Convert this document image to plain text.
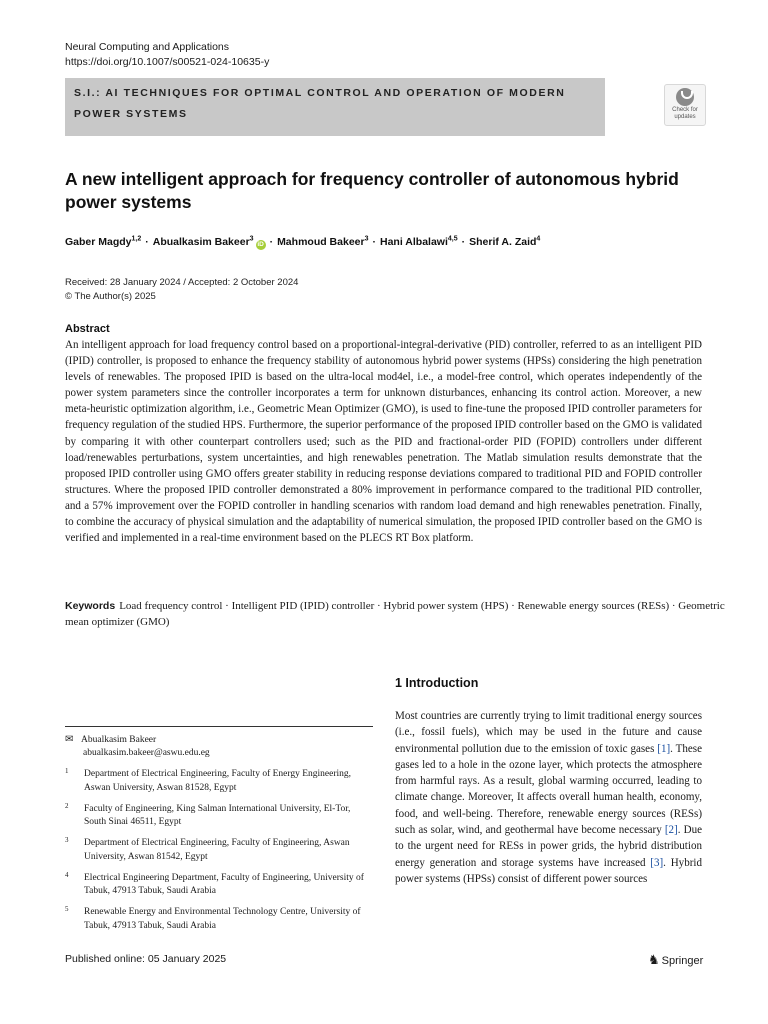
Neural Computing and Applications
https://doi.org/10.1007/s00521-024-10635-y
S.I.: AI TECHNIQUES FOR OPTIMAL CONTROL AND OPERATION OF MODERN
POWER SYSTEMS	Check for
updates
A new intelligent approach for frequency controller of autonomous hybrid power systems
Gaber Magdy$^{1,2}$ · Abualkasim Bakeer$^3$iD · Mahmoud Bakeer$^3$ · Hani Albalawi$^{4,5}$ · Sherif A. Zaid$^4$
Received: 28 January 2024 / Accepted: 2 October 2024
© The Author(s) 2025
Abstract
An intelligent approach for load frequency control based on a proportional-integral-derivative (PID) controller, referred to as an intelligent PID (IPID) controller, is proposed to enhance the frequency stability of autonomous hybrid power systems (HPSs) considering the high penetration levels of renewables. The proposed IPID is based on the ultra-local mod4el, i.e., a model-free control, which operates independently of the power system parameters since the controller incorporates a term for unknown disturbances, enhancing its control action. Moreover, a new meta-heuristic optimization algorithm, i.e., Geometric Mean Optimizer (GMO), is used to fine-tune the proposed IPID controller parameters for frequency regulation of the studied HPS. Furthermore, the superior performance of the proposed IPID controller based on the GMO is validated by comparing it with other counterpart controllers used; such as the PID and fractional-order PID (FOPID) controllers under different load/renewables perturbations, system uncertainties, and high renewables penetration. The Matlab simulation results demonstrate that the proposed IPID controller using GMO offers greater stability in reducing response deviations compared to traditional PID and FOPID controller structures. Where the proposed IPID controller demonstrated a 80% improvement in performance compared to the traditional PID controller, and a 57% improvement over the FOPID controller in handling scenarios with random load demand and high renewables penetration. Finally, to combine the accuracy of physical simulation and the adaptability of numerical simulation, the proposed IPID controller based on the GMO is verified and implemented in a real-time environment based on the PLECS RT Box platform.
Keywords Load frequency control · Intelligent PID (IPID) controller · Hybrid power system (HPS) · Renewable energy sources (RESs) · Geometric mean optimizer (GMO)
✉ Abualkasim Bakeer
abualkasim.bakeer@aswu.edu.eg
1 Department of Electrical Engineering, Faculty of Energy Engineering, Aswan University, Aswan 81528, Egypt
2 Faculty of Engineering, King Salman International University, El-Tor, South Sinai 46511, Egypt
3 Department of Electrical Engineering, Faculty of Engineering, Aswan University, Aswan 81542, Egypt
4 Electrical Engineering Department, Faculty of Engineering, University of Tabuk, 47913 Tabuk, Saudi Arabia
5 Renewable Energy and Environmental Technology Centre, University of Tabuk, 47913 Tabuk, Saudi Arabia
1 Introduction
Most countries are currently trying to limit traditional energy sources (i.e., fossil fuels), which may be used in the future and cause environmental pollution due to the emission of toxic gases [1]. These gases led to a hole in the ozone layer, which protects the atmosphere from harmful rays. As a result, global warming occurred, leading to climate change. Moreover, It affects overall human health, economy, food, and well-being. Therefore, renewable energy sources (RESs) such as solar, wind, and geothermal have become necessary [2]. Due to the urgent need for RESs in power grids, the hybrid distribution energy generation and storage systems have increased [3]. Hybrid power systems (HPSs) consist of different power sources
Published online: 05 January 2025	♞ Springer
